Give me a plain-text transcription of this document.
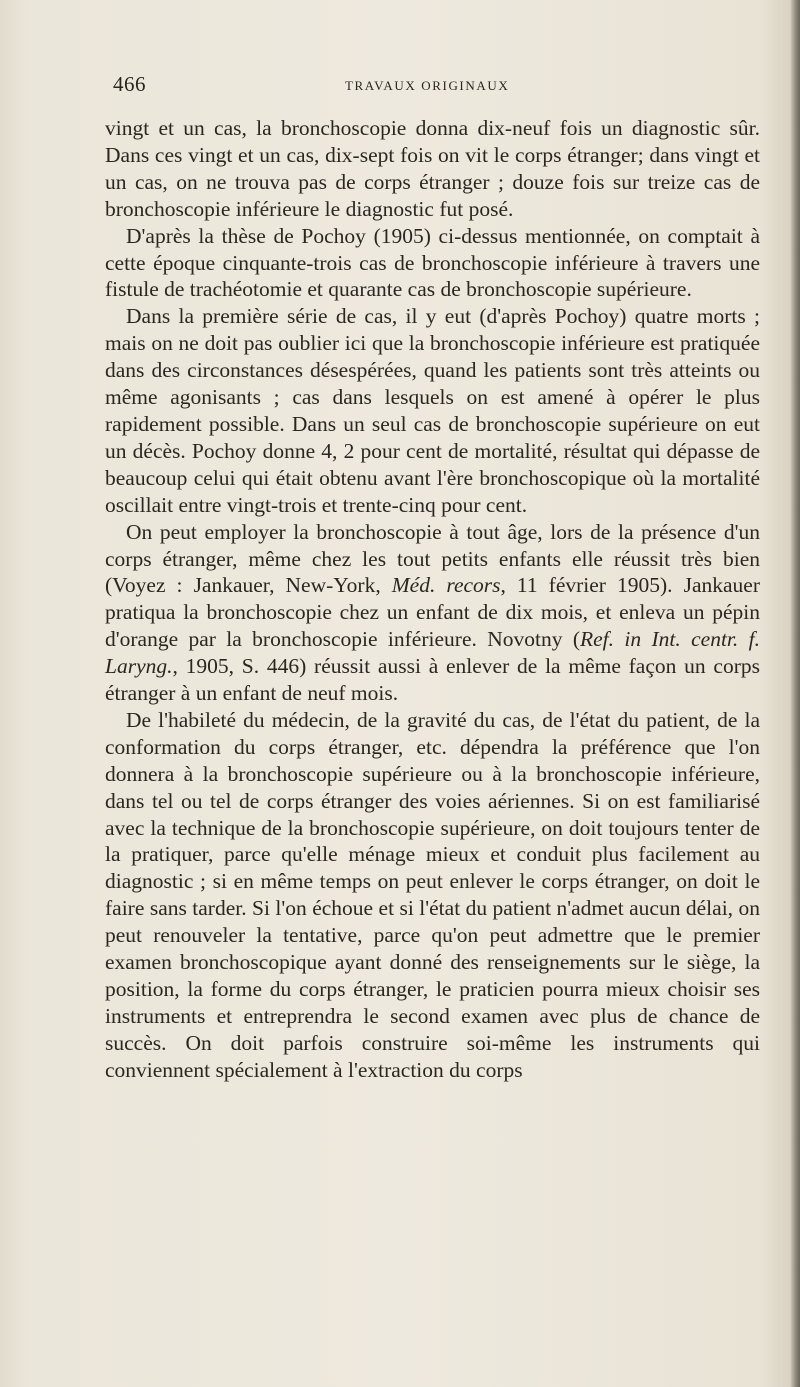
466	TRAVAUX ORIGINAUX

vingt et un cas, la bronchoscopie donna dix-neuf fois un diagnostic sûr. Dans ces vingt et un cas, dix-sept fois on vit le corps étranger; dans vingt et un cas, on ne trouva pas de corps étranger ; douze fois sur treize cas de bronchoscopie inférieure le diagnostic fut posé.

D'après la thèse de Pochoy (1905) ci-dessus mentionnée, on comptait à cette époque cinquante-trois cas de bronchoscopie inférieure à travers une fistule de trachéotomie et quarante cas de bronchoscopie supérieure.

Dans la première série de cas, il y eut (d'après Pochoy) quatre morts ; mais on ne doit pas oublier ici que la bronchoscopie inférieure est pratiquée dans des circonstances désespérées, quand les patients sont très atteints ou même agonisants ; cas dans lesquels on est amené à opérer le plus rapidement possible. Dans un seul cas de bronchoscopie supérieure on eut un décès. Pochoy donne 4, 2 pour cent de mortalité, résultat qui dépasse de beaucoup celui qui était obtenu avant l'ère bronchoscopique où la mortalité oscillait entre vingt-trois et trente-cinq pour cent.

On peut employer la bronchoscopie à tout âge, lors de la présence d'un corps étranger, même chez les tout petits enfants elle réussit très bien (Voyez : Jankauer, New-York, Méd. recors, 11 février 1905). Jankauer pratiqua la bronchoscopie chez un enfant de dix mois, et enleva un pépin d'orange par la bronchoscopie inférieure. Novotny (Ref. in Int. centr. f. Laryng., 1905, S. 446) réussit aussi à enlever de la même façon un corps étranger à un enfant de neuf mois.

De l'habileté du médecin, de la gravité du cas, de l'état du patient, de la conformation du corps étranger, etc. dépendra la préférence que l'on donnera à la bronchoscopie supérieure ou à la bronchoscopie inférieure, dans tel ou tel de corps étranger des voies aériennes. Si on est familiarisé avec la technique de la bronchoscopie supérieure, on doit toujours tenter de la pratiquer, parce qu'elle ménage mieux et conduit plus facilement au diagnostic ; si en même temps on peut enlever le corps étranger, on doit le faire sans tarder. Si l'on échoue et si l'état du patient n'admet aucun délai, on peut renouveler la tentative, parce qu'on peut admettre que le premier examen bronchoscopique ayant donné des renseignements sur le siège, la position, la forme du corps étranger, le praticien pourra mieux choisir ses instruments et entreprendra le second examen avec plus de chance de succès. On doit parfois construire soi-même les instruments qui conviennent spécialement à l'extraction du corps
